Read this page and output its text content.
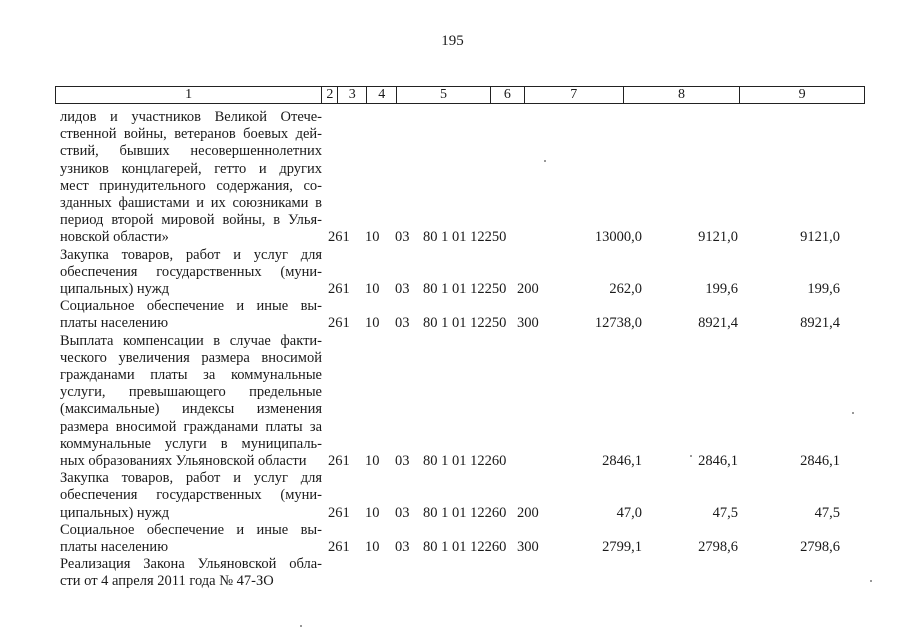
195
1	2	3	4	5	6	7	8	9
лидов и участников Великой Отече-
ственной войны, ветеранов боевых дей-
ствий, бывших несовершеннолетних
узников концлагерей, гетто и других
мест принудительного содержания, со-
зданных фашистами и их союзниками в
период второй мировой войны, в Улья-
новской области»	261 10 03 80 1 01 12250	13000,0	9121,0	9121,0
Закупка товаров, работ и услуг для
обеспечения государственных (муни-
ципальных) нужд	261 10 03 80 1 01 12250 200	262,0	199,6	199,6
Социальное обеспечение и иные вы-
платы населению	261 10 03 80 1 01 12250 300	12738,0	8921,4	8921,4
Выплата компенсации в случае факти-
ческого увеличения размера вносимой
гражданами платы за коммунальные
услуги, превышающего предельные
(максимальные) индексы изменения
размера вносимой гражданами платы за
коммунальные услуги в муниципаль-
ных образованиях Ульяновской области	261 10 03 80 1 01 12260	2846,1	2846,1	2846,1
Закупка товаров, работ и услуг для
обеспечения государственных (муни-
ципальных) нужд	261 10 03 80 1 01 12260 200	47,0	47,5	47,5
Социальное обеспечение и иные вы-
платы населению	261 10 03 80 1 01 12260 300	2799,1	2798,6	2798,6
Реализация Закона Ульяновской обла-
сти от 4 апреля 2011 года № 47-ЗО
